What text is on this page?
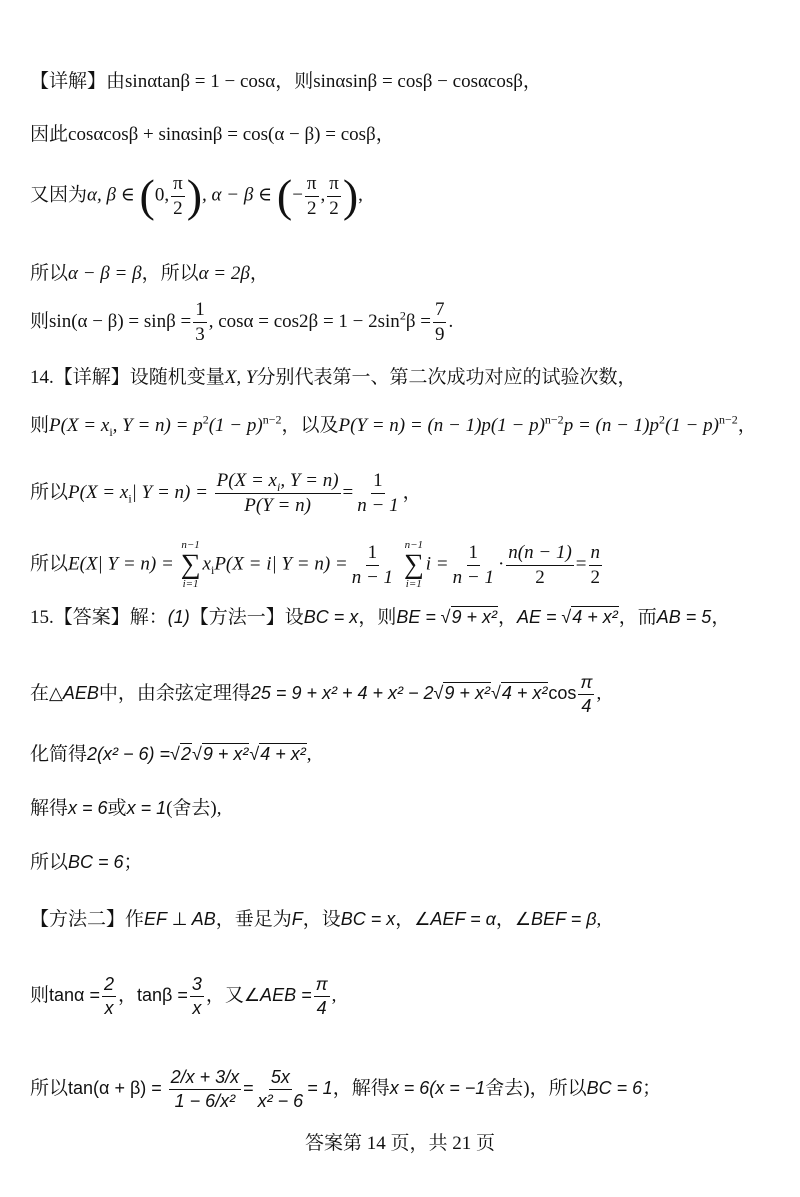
【详解】由sinαtanβ = 1 − cosα，则sinαsinβ = cosβ − cosαcosβ，
因此cosαcosβ + sinαsinβ = cos(α − β) = cosβ，
又因为α, β ∈ (0, $\frac{\pi}{2}$ ), α − β ∈ (− $\frac{\pi}{2}$ , $\frac{\pi}{2}$ ),
所以α − β = β，所以α = 2β，
则$\sin(\alpha - \beta) = \sin\beta = \frac{1}{3}$ , $\cos\alpha = \cos 2\beta = 1 - 2\sin^2\beta = \frac{7}{9}$ .
14.【详解】设随机变量X, Y分别代表第一、第二次成功对应的试验次数，
则$P(X = x_i$, $Y = n) = p^2(1 - p)^{n-2}$，以及$P(Y = n) = (n - 1)p(1 - p)^{n-2}p = (n - 1)p^2(1 - p)^{n-2}$，
所以$P(X = x_i|$ $Y = n) = \frac{P(X = x_i, Y = n)}{P(Y = n)} = \frac{1}{n - 1}$ ，
所以E(X| Y = n) =
n−1
∑
i=1
$x_iP(X = i|$ $Y = n) = \frac{1}{n - 1}$
n−1
∑
i=1
$i = \frac{1}{n - 1} \cdot \frac{n(n - 1)}{2} = \frac{n}{2}$
15.【答案】解：(1)【方法一】设BC = x，则BE = √9 + x²，AE = √4 + x²，而AB = 5，
在△AEB中，由余弦定理得$25 = 9 + x^2 + 4 + x^2 - 2√9 + x^2√4 + x^2\cos \frac{\pi}{4}$ ,
化简得2(x² − 6) =√2√9 + x²√4 + x²,
解得x = 6或x = 1(舍去),
所以BC = 6；
【方法二】作EF ⊥ AB，垂足为F，设BC = x，∠AEF = α，∠BEF = β,
则$\tan\alpha = \frac{2}{x}$ ，$\tan\beta = \frac{3}{x}$ ，又∠AEB = $\frac{\pi}{4}$ ,
所以$\tan(\alpha + \beta) = \frac{2/x + 3/x}{\text{1 − 6/x²}} = \frac{5x}{\text{x² − 6}} = 1$，解得x = 6(x = −1舍去)，所以BC = 6；
答案第 14 页，共 21 页
